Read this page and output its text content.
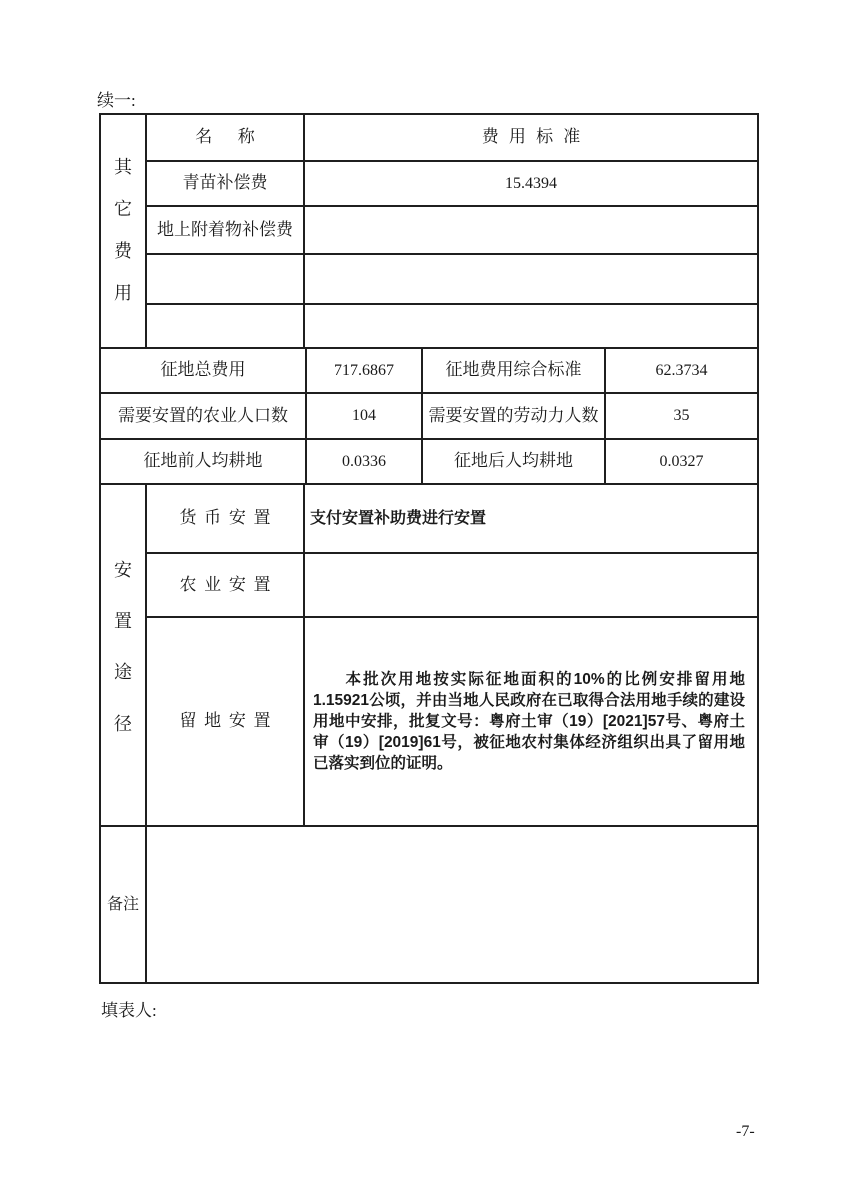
续一:
其
它
费
用
名称	费用标准
青苗补偿费	15.4394
地上附着物补偿费
征地总费用	717.6867	征地费用综合标准	62.3734
需要安置的农业人口数	104	需要安置的劳动力人数	35
征地前人均耕地	0.0336	征地后人均耕地	0.0327
安
置
途
径
货币安置	支付安置补助费进行安置
农业安置
留地安置

本批次用地按实际征地面积的10%的比例安排留用地1.15921公顷，并由当地人民政府在已取得合法用地手续的建设用地中安排，批复文号：粤府土审（19）[2021]57号、粤府土审（19）[2019]61号，被征地农村集体经济组织出具了留用地已落实到位的证明。

备注
填表人:
-7-
